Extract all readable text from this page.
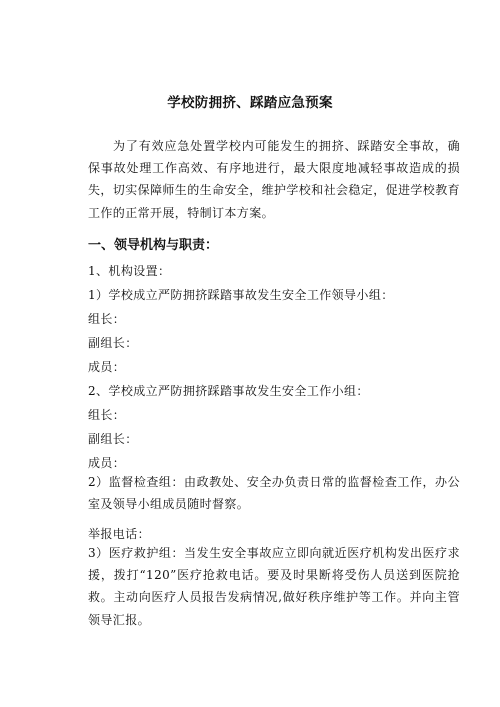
学校防拥挤、踩踏应急预案
为了有效应急处置学校内可能发生的拥挤、踩踏安全事故，确保事故处理工作高效、有序地进行，最大限度地减轻事故造成的损失，切实保障师生的生命安全，维护学校和社会稳定，促进学校教育工作的正常开展，特制订本方案。
一、领导机构与职责：
1、机构设置：
1）学校成立严防拥挤踩踏事故发生安全工作领导小组：
组长：
副组长：
成员：
2、学校成立严防拥挤踩踏事故发生安全工作小组：
组长：
副组长：
成员：
2）监督检查组：由政教处、安全办负责日常的监督检查工作，办公室及领导小组成员随时督察。
举报电话：
3）医疗救护组：当发生安全事故应立即向就近医疗机构发出医疗求援，拨打“120”医疗抢救电话。要及时果断将受伤人员送到医院抢救。主动向医疗人员报告发病情况,做好秩序维护等工作。并向主管领导汇报。
